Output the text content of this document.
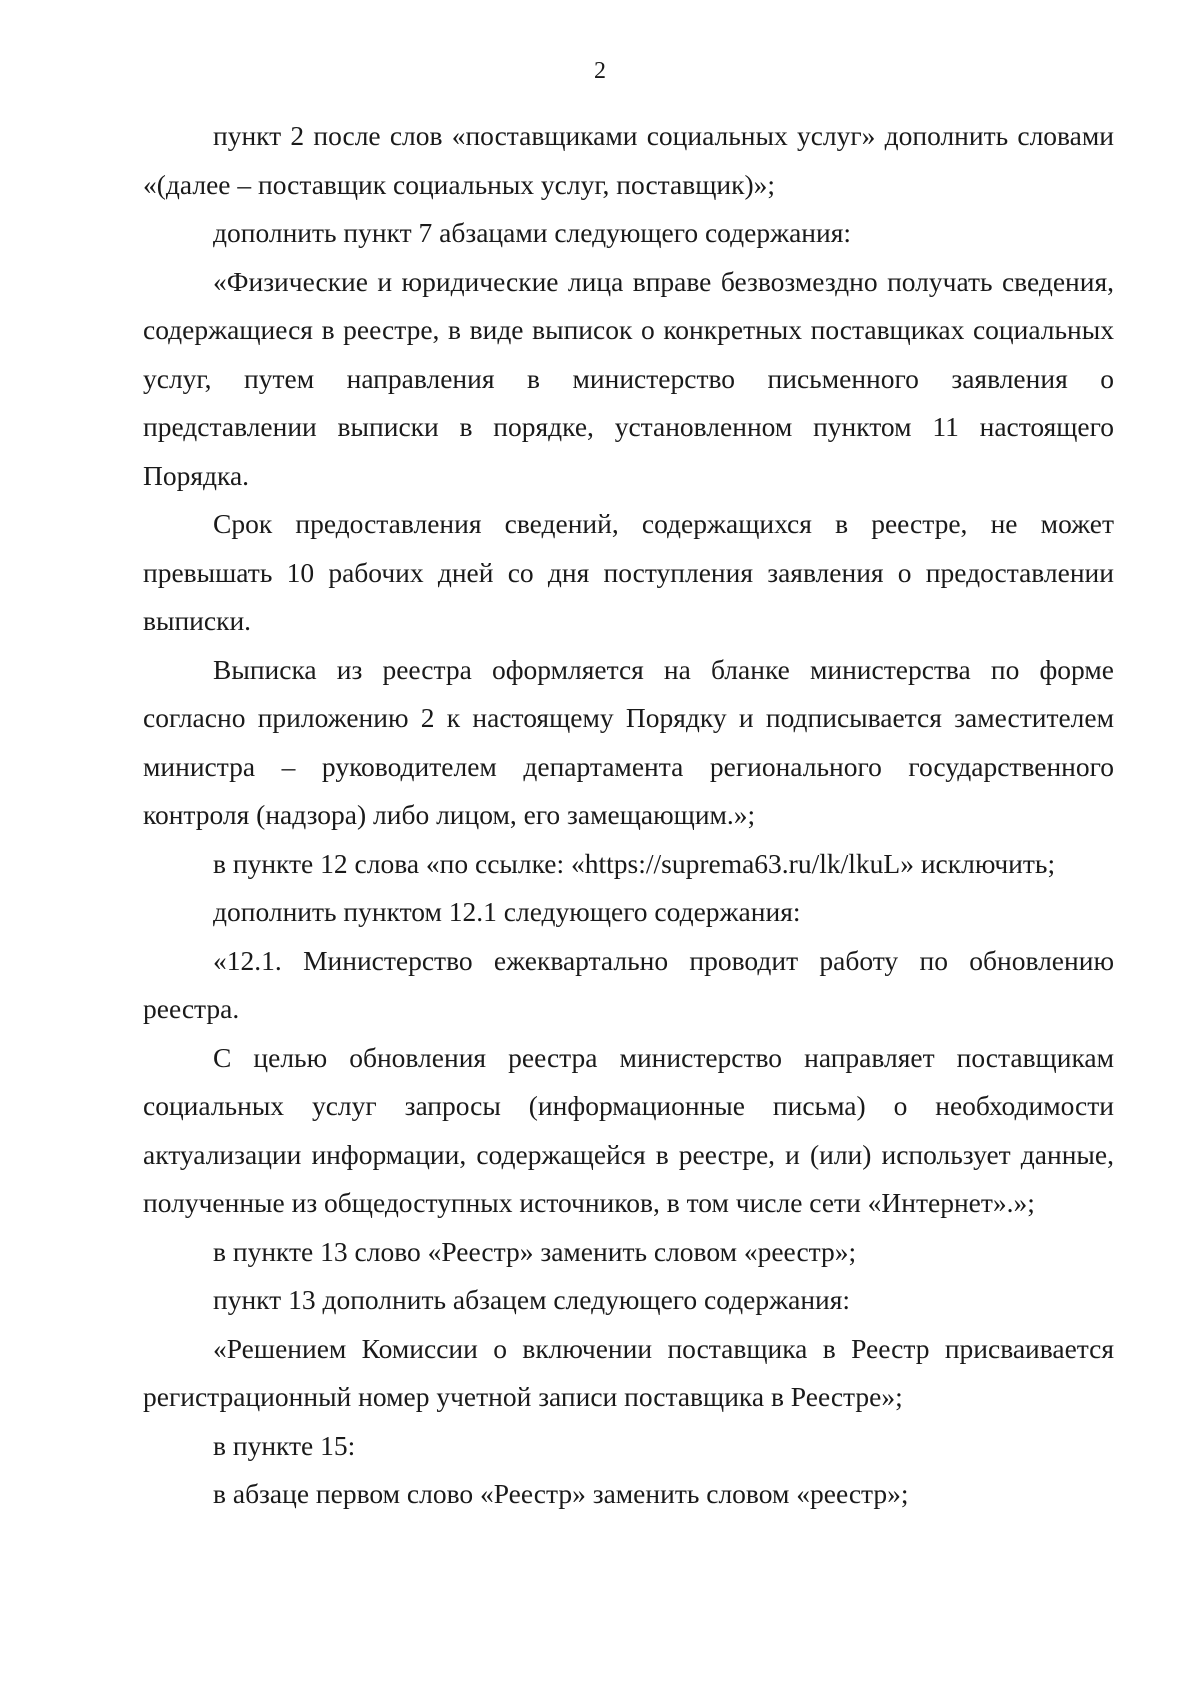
2

пункт 2 после слов «поставщиками социальных услуг» дополнить словами «(далее – поставщик социальных услуг, поставщик)»;

дополнить пункт 7 абзацами следующего содержания:

«Физические и юридические лица вправе безвозмездно получать сведения, содержащиеся в реестре, в виде выписок о конкретных поставщиках социальных услуг, путем направления в министерство письменного заявления о представлении выписки в порядке, установленном пунктом 11 настоящего Порядка.

Срок предоставления сведений, содержащихся в реестре, не может превышать 10 рабочих дней со дня поступления заявления о предоставлении выписки.

Выписка из реестра оформляется на бланке министерства по форме согласно приложению 2 к настоящему Порядку и подписывается заместителем министра – руководителем департамента регионального государственного контроля (надзора) либо лицом, его замещающим.»;

в пункте 12 слова «по ссылке: «https://suprema63.ru/lk/lkuL» исключить;

дополнить пунктом 12.1 следующего содержания:

«12.1. Министерство ежеквартально проводит работу по обновлению реестра.

С целью обновления реестра министерство направляет поставщикам социальных услуг запросы (информационные письма) о необходимости актуализации информации, содержащейся в реестре, и (или) использует данные, полученные из общедоступных источников, в том числе сети «Интернет».»;

в пункте 13 слово «Реестр» заменить словом «реестр»;

пункт 13 дополнить абзацем следующего содержания:

«Решением Комиссии о включении поставщика в Реестр присваивается регистрационный номер учетной записи поставщика в Реестре»;

в пункте 15:

в абзаце первом слово «Реестр» заменить словом «реестр»;
